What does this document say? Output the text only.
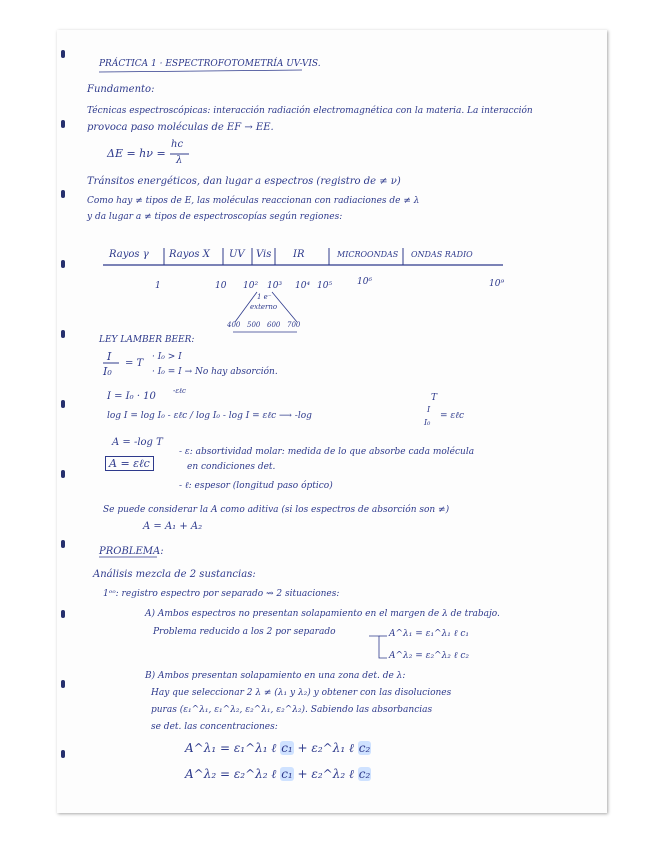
PRÁCTICA 1 · ESPECTROFOTOMETRÍA UV-VIS.
Fundamento:
Técnicas espectroscópicas: interacción radiación electromagnética con la materia. La interacción
provoca paso moléculas de EF → EE.
ΔE = hν =
hc
λ
Tránsitos energéticos, dan lugar a espectros (registro de ≠ ν)
Como hay ≠ tipos de E, las moléculas reaccionan con radiaciones de ≠ λ
y da lugar a ≠ tipos de espectroscopías según regiones:
Rayos γ Rayos X UV Vis IR	MICROONDAS ONDAS RADIO
1	10 10² 10³ 10⁴ 10⁵	10⁶	10⁹
1 e⁻
externo
400 500 600 700
LEY LAMBER BEER:
I
I₀
= T
· I₀ > I
· I₀ = I → No hay absorción.
I = I₀ · 10 -εℓc
log I = log I₀ - εℓc / log I₀ - log I = εℓc ⟶ -log
T
I
I₀
= εℓc
A = -log T
A = εℓc
- ε: absortividad molar: medida de lo que absorbe cada molécula
en condiciones det.
- ℓ: espesor (longitud paso óptico)
Se puede considerar la A como aditiva (si los espectros de absorción son ≠)
A = A₁ + A₂
PROBLEMA:
Análisis mezcla de 2 sustancias:
1ᵒᵒ: registro espectro por separado ⇝ 2 situaciones:
A) Ambos espectros no presentan solapamiento en el margen de λ de trabajo.
Problema reducido a los 2 por separado	A^λ₁ = ε₁^λ₁ ℓ c₁
A^λ₂ = ε₂^λ₂ ℓ c₂
B) Ambos presentan solapamiento en una zona det. de λ:
Hay que seleccionar 2 λ ≠ (λ₁ y λ₂) y obtener con las disoluciones
puras (ε₁^λ₁, ε₁^λ₂, ε₂^λ₁, ε₂^λ₂). Sabiendo las absorbancias
se det. las concentraciones:
A^λ₁ = ε₁^λ₁ ℓ c₁ + ε₂^λ₁ ℓ c₂
A^λ₂ = ε₂^λ₂ ℓ c₁ + ε₂^λ₂ ℓ c₂
